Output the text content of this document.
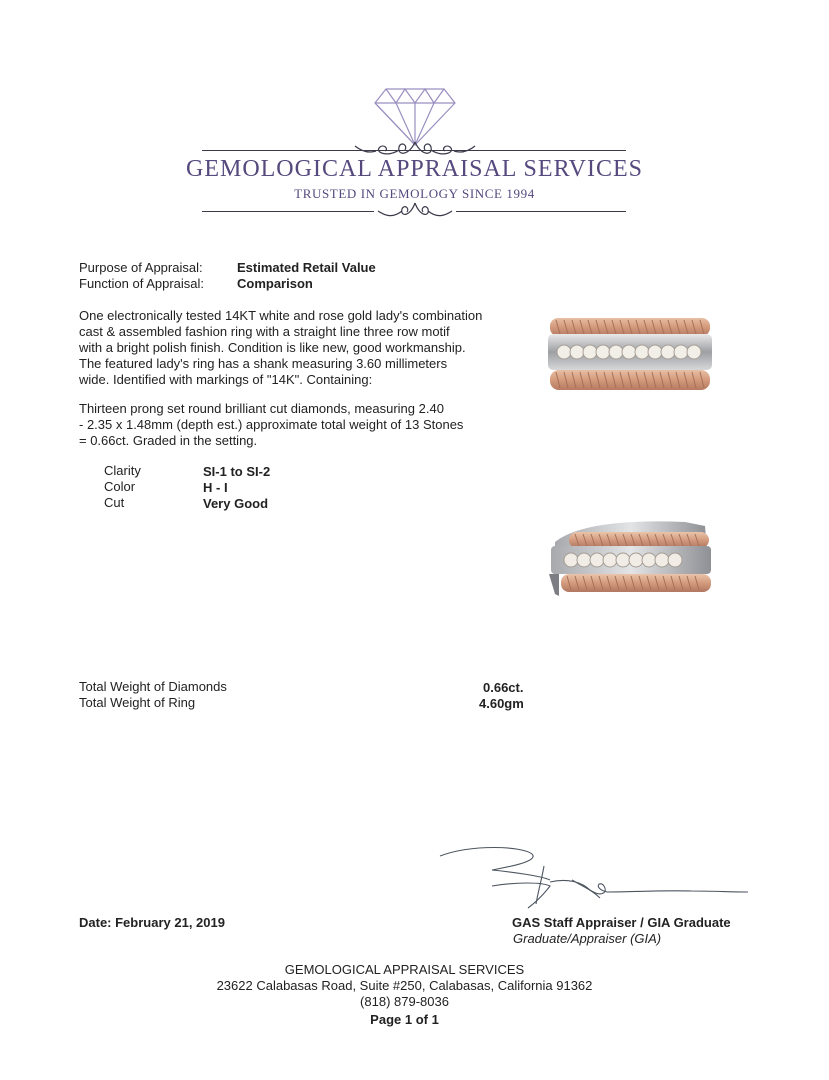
GEMOLOGICAL APPRAISAL SERVICES
TRUSTED IN GEMOLOGY SINCE 1994
Purpose of Appraisal:	Estimated Retail Value
Function of Appraisal:	Comparison
One electronically tested 14KT white and rose gold lady's combination
cast & assembled fashion ring with a straight line three row motif
with a bright polish finish. Condition is like new, good workmanship.
The featured lady's ring has a shank measuring 3.60 millimeters
wide. Identified with markings of "14K". Containing:
Thirteen prong set round brilliant cut diamonds, measuring 2.40
- 2.35 x 1.48mm (depth est.) approximate total weight of 13 Stones
= 0.66ct. Graded in the setting.
Clarity	SI-1 to SI-2
Color	H - I
Cut	Very Good
Total Weight of Diamonds	0.66ct.
Total Weight of Ring	4.60gm
Date: February 21, 2019	GAS Staff Appraiser / GIA Graduate
Graduate/Appraiser (GIA)
GEMOLOGICAL APPRAISAL SERVICES
23622 Calabasas Road, Suite #250, Calabasas, California 91362
(818) 879-8036
Page 1 of 1
